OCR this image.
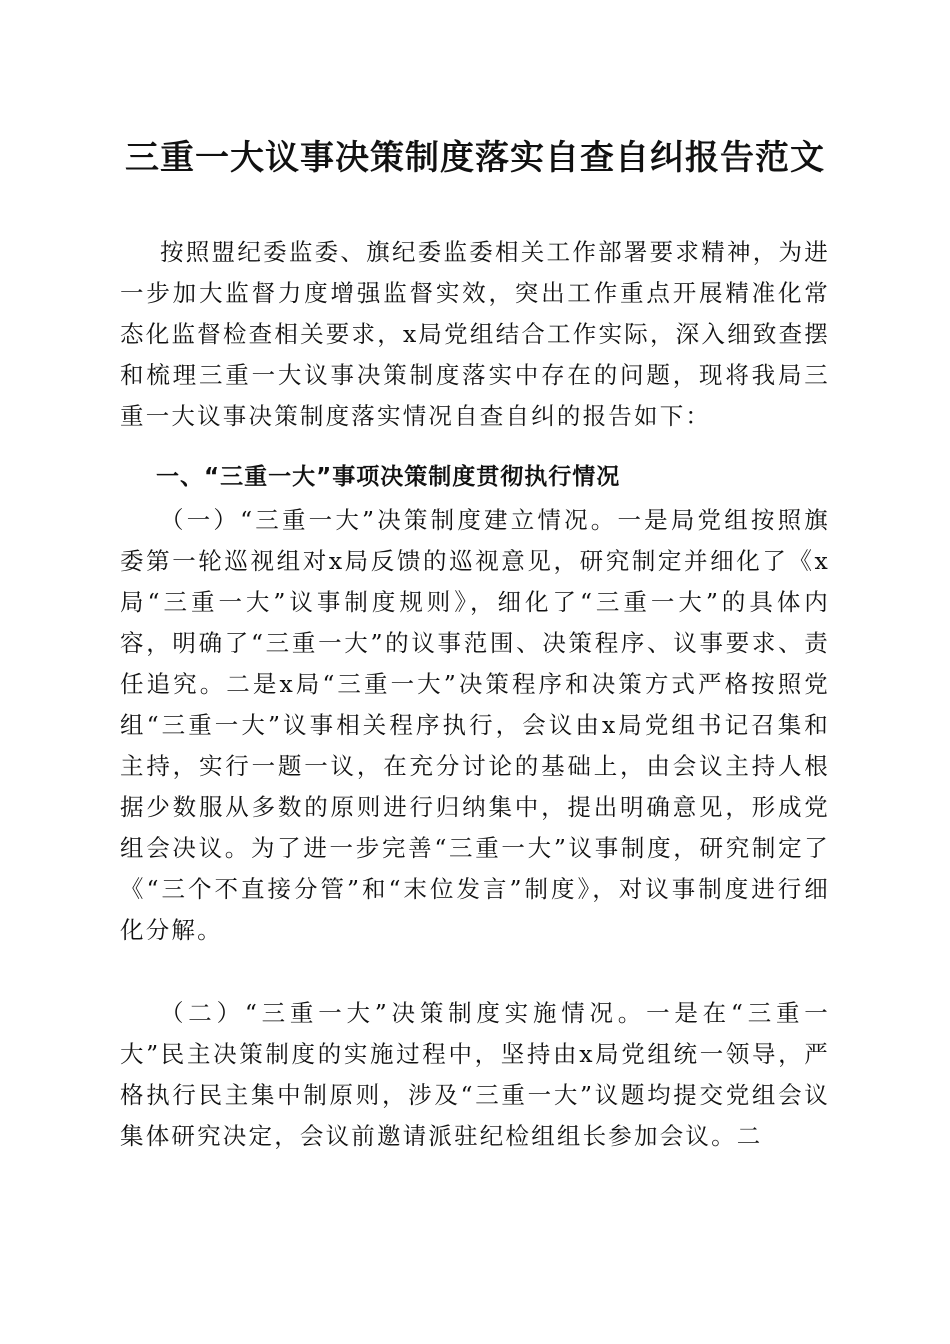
三重一大议事决策制度落实自查自纠报告范文

按照盟纪委监委、旗纪委监委相关工作部署要求精神，为进一步加大监督力度增强监督实效，突出工作重点开展精准化常态化监督检查相关要求，x局党组结合工作实际，深入细致查摆和梳理三重一大议事决策制度落实中存在的问题，现将我局三重一大议事决策制度落实情况自查自纠的报告如下：

一、“三重一大”事项决策制度贯彻执行情况

（一）“三重一大”决策制度建立情况。一是局党组按照旗委第一轮巡视组对x局反馈的巡视意见，研究制定并细化了《x局“三重一大”议事制度规则》，细化了“三重一大”的具体内容，明确了“三重一大”的议事范围、决策程序、议事要求、责任追究。二是x局“三重一大”决策程序和决策方式严格按照党组“三重一大”议事相关程序执行，会议由x局党组书记召集和主持，实行一题一议，在充分讨论的基础上，由会议主持人根据少数服从多数的原则进行归纳集中，提出明确意见，形成党组会决议。为了进一步完善“三重一大”议事制度，研究制定了《“三个不直接分管”和“末位发言”制度》，对议事制度进行细化分解。

（二）“三重一大”决策制度实施情况。一是在“三重一大”民主决策制度的实施过程中，坚持由x局党组统一领导，严格执行民主集中制原则，涉及“三重一大”议题均提交党组会议集体研究决定，会议前邀请派驻纪检组组长参加会议。二
